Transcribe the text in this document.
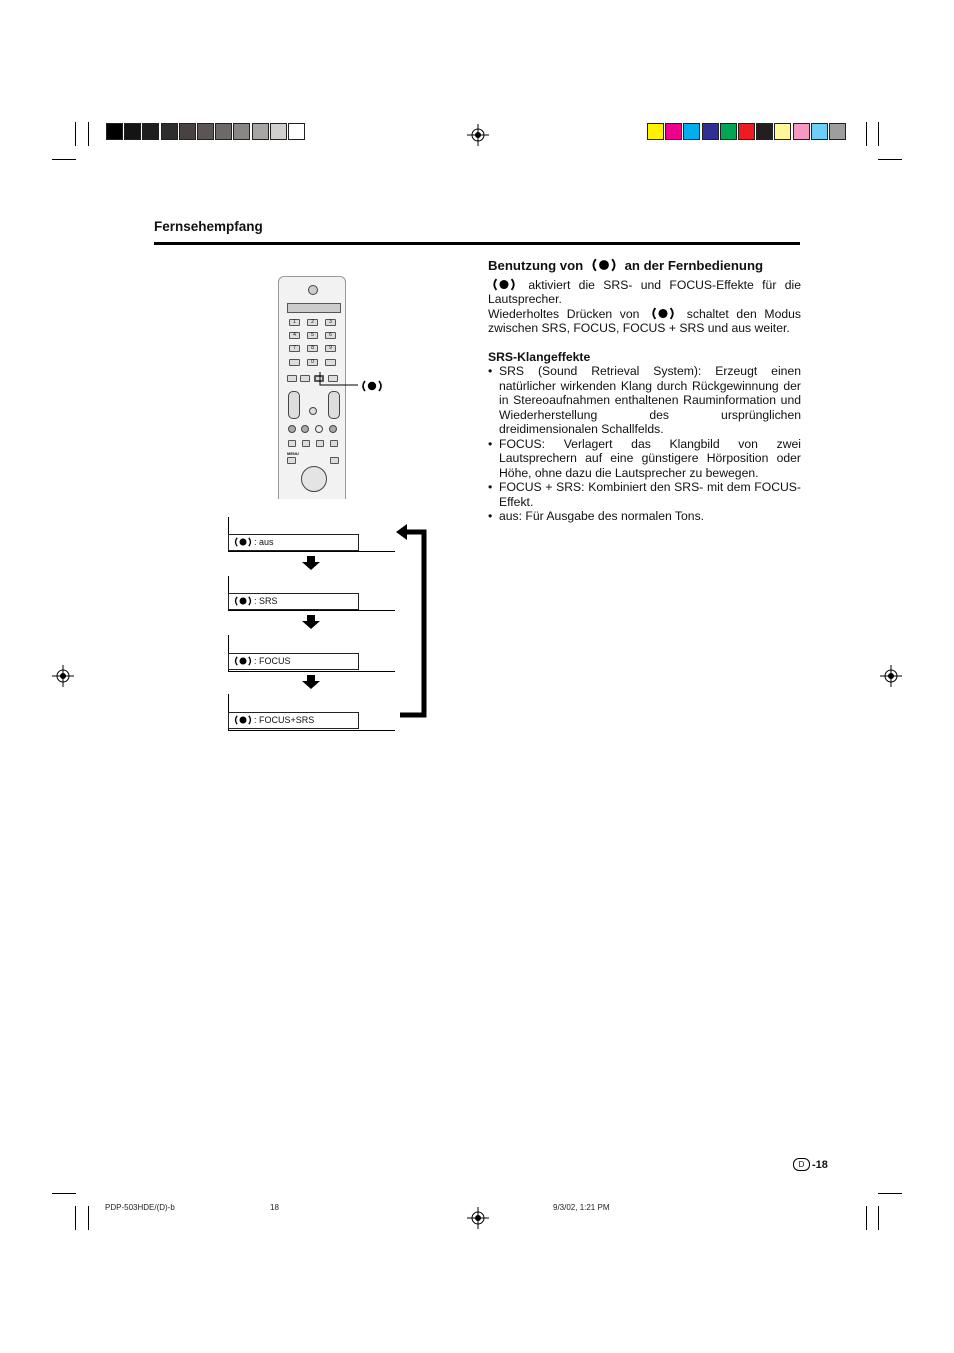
Fernsehempfang
1	2	3
4	5	6
7	8	9
0
MENU
: aus
: SRS
: FOCUS
: FOCUS+SRS
Benutzung von	an der Fernbedienung

aktiviert die SRS- und FOCUS-Effekte für die Lautsprecher.

Wiederholtes Drücken von	schaltet den Modus zwischen SRS, FOCUS, FOCUS + SRS und aus weiter.

SRS-Klangeffekte
• SRS (Sound Retrieval System): Erzeugt einen natürlicher wirkenden Klang durch Rückgewinnung der in Stereoaufnahmen enthaltenen Rauminformation und Wiederherstellung des ursprünglichen dreidimensionalen Schallfelds.
• FOCUS: Verlagert das Klangbild von zwei Lautsprechern auf eine günstigere Hörposition oder Höhe, ohne dazu die Lautsprecher zu bewegen.
• FOCUS + SRS: Kombiniert den SRS- mit dem FOCUS-Effekt.
• aus: Für Ausgabe des normalen Tons.
D -18
PDP-503HDE/(D)-b	18	9/3/02, 1:21 PM
